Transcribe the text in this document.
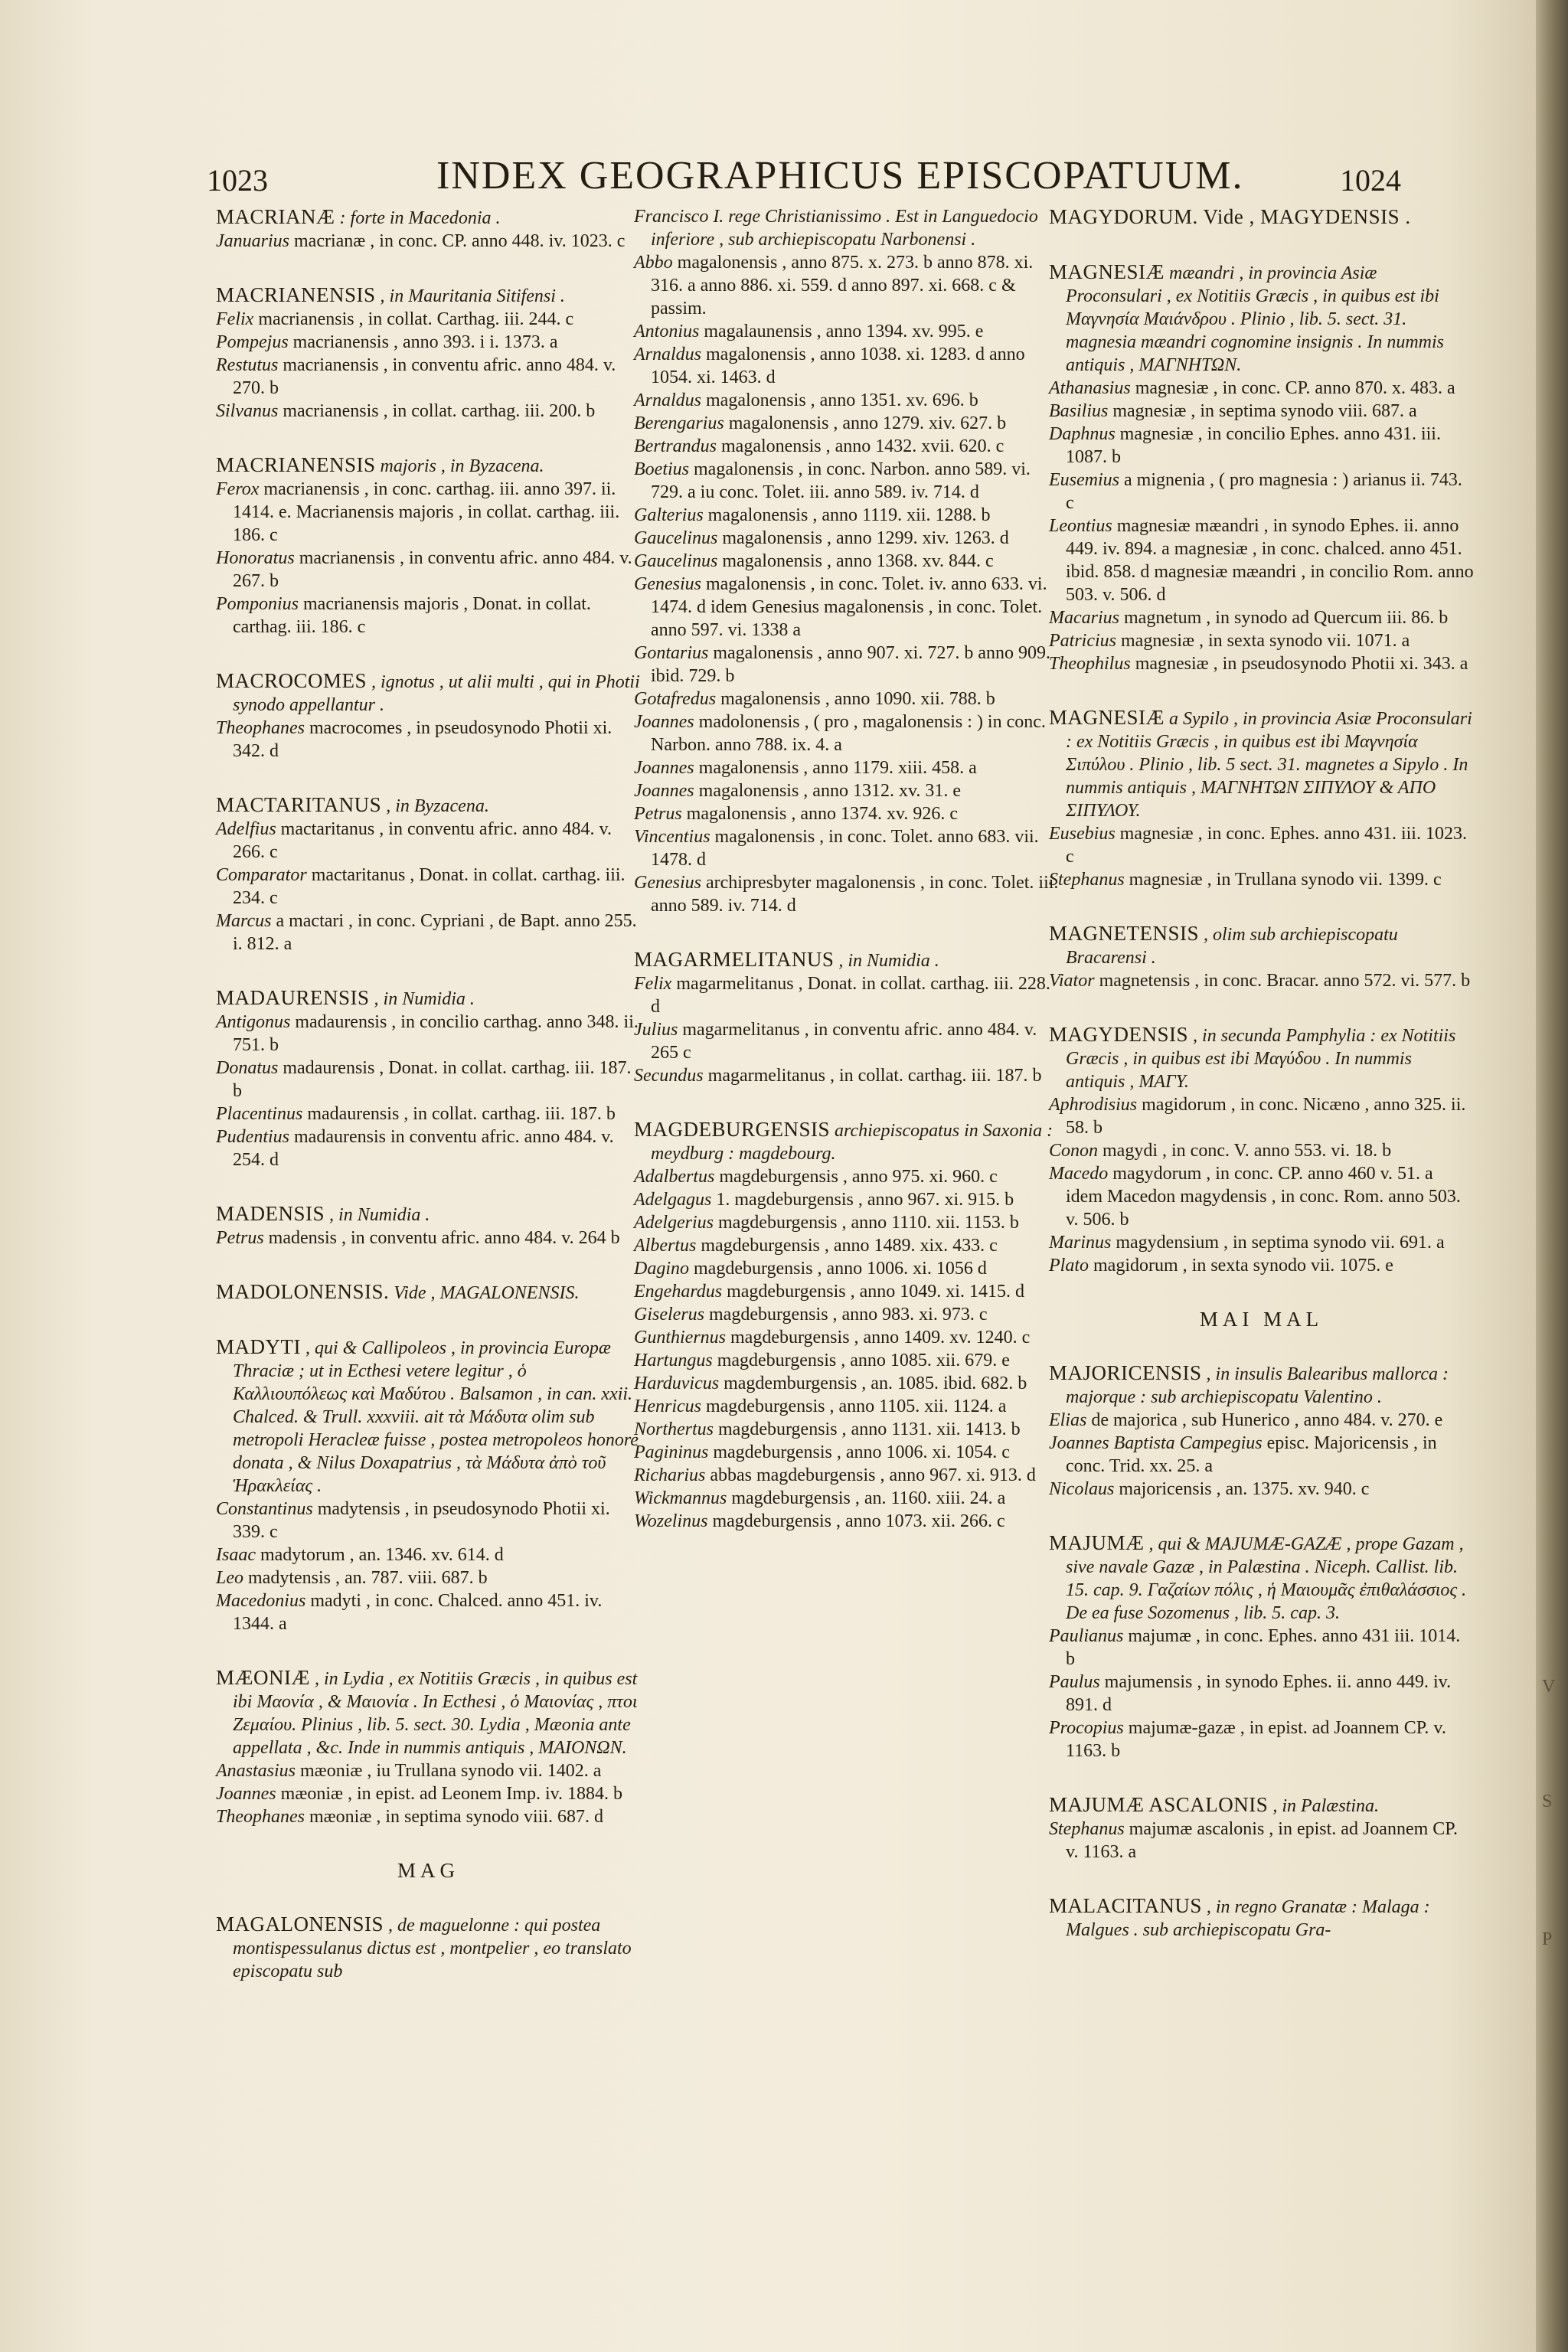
V
S
P
1023	INDEX GEOGRAPHICUS EPISCOPATUUM.	1024
MACRIANÆ : forte in Macedonia .
Januarius macrianæ , in conc. CP. anno 448. iv. 1023. c
MACRIANENSIS , in Mauritania Sitifensi .
Felix macrianensis , in collat. Carthag. iii. 244. c
Pompejus macrianensis , anno 393. i i. 1373. a
Restutus macrianensis , in conventu afric. anno 484. v. 270. b
Silvanus macrianensis , in collat. carthag. iii. 200. b
MACRIANENSIS majoris , in Byzacena.
Ferox macrianensis , in conc. carthag. iii. anno 397. ii. 1414. e. Macrianensis majoris , in collat. carthag. iii. 186. c
Honoratus macrianensis , in conventu afric. anno 484. v. 267. b
Pomponius macrianensis majoris , Donat. in collat. carthag. iii. 186. c
MACROCOMES , ignotus , ut alii multi , qui in Photii synodo appellantur .
Theophanes macrocomes , in pseudosynodo Photii xi. 342. d
MACTARITANUS , in Byzacena.
Adelfius mactaritanus , in conventu afric. anno 484. v. 266. c
Comparator mactaritanus , Donat. in collat. carthag. iii. 234. c
Marcus a mactari , in conc. Cypriani , de Bapt. anno 255. i. 812. a
MADAURENSIS , in Numidia .
Antigonus madaurensis , in concilio carthag. anno 348. ii. 751. b
Donatus madaurensis , Donat. in collat. carthag. iii. 187. b
Placentinus madaurensis , in collat. carthag. iii. 187. b
Pudentius madaurensis in conventu afric. anno 484. v. 254. d
MADENSIS , in Numidia .
Petrus madensis , in conventu afric. anno 484. v. 264 b
MADOLONENSIS. Vide , MAGALONENSIS.
MADYTI , qui & Callipoleos , in provincia Europæ Thraciæ ; ut in Ecthesi vetere legitur , ὁ Καλλιουπόλεως καὶ Μαδύτου . Balsamon , in can. xxii. Chalced. & Trull. xxxviii. ait τὰ Μάδυτα olim sub metropoli Heracleæ fuisse , postea metropoleos honore donata , & Nilus Doxapatrius , τὰ Μάδυτα ἀπὸ τοῦ Ἡρακλείας .
Constantinus madytensis , in pseudosynodo Photii xi. 339. c
Isaac madytorum , an. 1346. xv. 614. d
Leo madytensis , an. 787. viii. 687. b
Macedonius madyti , in conc. Chalced. anno 451. iv. 1344. a
MÆONIÆ , in Lydia , ex Notitiis Græcis , in quibus est ibi Μαονία , & Μαιονία . In Ecthesi , ὁ Μαιονίας , πτοι Ζεμαίου. Plinius , lib. 5. sect. 30. Lydia , Mæonia ante appellata , &c. Inde in nummis antiquis , ΜΑΙΟΝΩΝ.
Anastasius mæoniæ , iu Trullana synodo vii. 1402. a
Joannes mæoniæ , in epist. ad Leonem Imp. iv. 1884. b
Theophanes mæoniæ , in septima synodo viii. 687. d
MAG
MAGALONENSIS , de maguelonne : qui postea montispessulanus dictus est , montpelier , eo translato episcopatu sub
Francisco I. rege Christianissimo . Est in Languedocio inferiore , sub archiepiscopatu Narbonensi .
Abbo magalonensis , anno 875. x. 273. b anno 878. xi. 316. a anno 886. xi. 559. d anno 897. xi. 668. c & passim.
Antonius magalaunensis , anno 1394. xv. 995. e
Arnaldus magalonensis , anno 1038. xi. 1283. d anno 1054. xi. 1463. d
Arnaldus magalonensis , anno 1351. xv. 696. b
Berengarius magalonensis , anno 1279. xiv. 627. b
Bertrandus magalonensis , anno 1432. xvii. 620. c
Boetius magalonensis , in conc. Narbon. anno 589. vi. 729. a iu conc. Tolet. iii. anno 589. iv. 714. d
Galterius magalonensis , anno 1119. xii. 1288. b
Gaucelinus magalonensis , anno 1299. xiv. 1263. d
Gaucelinus magalonensis , anno 1368. xv. 844. c
Genesius magalonensis , in conc. Tolet. iv. anno 633. vi. 1474. d idem Genesius magalonensis , in conc. Tolet. anno 597. vi. 1338 a
Gontarius magalonensis , anno 907. xi. 727. b anno 909. ibid. 729. b
Gotafredus magalonensis , anno 1090. xii. 788. b
Joannes madolonensis , ( pro , magalonensis : ) in conc. Narbon. anno 788. ix. 4. a
Joannes magalonensis , anno 1179. xiii. 458. a
Joannes magalonensis , anno 1312. xv. 31. e
Petrus magalonensis , anno 1374. xv. 926. c
Vincentius magalonensis , in conc. Tolet. anno 683. vii. 1478. d
Genesius archipresbyter magalonensis , in conc. Tolet. iii. anno 589. iv. 714. d
MAGARMELITANUS , in Numidia .
Felix magarmelitanus , Donat. in collat. carthag. iii. 228. d
Julius magarmelitanus , in conventu afric. anno 484. v. 265 c
Secundus magarmelitanus , in collat. carthag. iii. 187. b
MAGDEBURGENSIS archiepiscopatus in Saxonia : meydburg : magdebourg.
Adalbertus magdeburgensis , anno 975. xi. 960. c
Adelgagus 1. magdeburgensis , anno 967. xi. 915. b
Adelgerius magdeburgensis , anno 1110. xii. 1153. b
Albertus magdeburgensis , anno 1489. xix. 433. c
Dagino magdeburgensis , anno 1006. xi. 1056 d
Engehardus magdeburgensis , anno 1049. xi. 1415. d
Giselerus magdeburgensis , anno 983. xi. 973. c
Gunthiernus magdeburgensis , anno 1409. xv. 1240. c
Hartungus magdeburgensis , anno 1085. xii. 679. e
Harduvicus magdemburgensis , an. 1085. ibid. 682. b
Henricus magdeburgensis , anno 1105. xii. 1124. a
Northertus magdeburgensis , anno 1131. xii. 1413. b
Pagininus magdeburgensis , anno 1006. xi. 1054. c
Richarius abbas magdeburgensis , anno 967. xi. 913. d
Wickmannus magdeburgensis , an. 1160. xiii. 24. a
Wozelinus magdeburgensis , anno 1073. xii. 266. c
MAGYDORUM. Vide , MAGYDENSIS .
MAGNESIÆ mæandri , in provincia Asiæ Proconsulari , ex Notitiis Græcis , in quibus est ibi Μαγνησία Μαιάνδρου . Plinio , lib. 5. sect. 31. magnesia mæandri cognomine insignis . In nummis antiquis , ΜΑΓΝΗΤΩΝ.
Athanasius magnesiæ , in conc. CP. anno 870. x. 483. a
Basilius magnesiæ , in septima synodo viii. 687. a
Daphnus magnesiæ , in concilio Ephes. anno 431. iii. 1087. b
Eusemius a mignenia , ( pro magnesia : ) arianus ii. 743. c
Leontius magnesiæ mæandri , in synodo Ephes. ii. anno 449. iv. 894. a magnesiæ , in conc. chalced. anno 451. ibid. 858. d magnesiæ mæandri , in concilio Rom. anno 503. v. 506. d
Macarius magnetum , in synodo ad Quercum iii. 86. b
Patricius magnesiæ , in sexta synodo vii. 1071. a
Theophilus magnesiæ , in pseudosynodo Photii xi. 343. a
MAGNESIÆ a Sypilo , in provincia Asiæ Proconsulari : ex Notitiis Græcis , in quibus est ibi Μαγνησία Σιπύλου . Plinio , lib. 5 sect. 31. magnetes a Sipylo . In nummis antiquis , ΜΑΓΝΗΤΩΝ ΣΙΠΥΛΟΥ & ΑΠΟ ΣΙΠΥΛΟΥ.
Eusebius magnesiæ , in conc. Ephes. anno 431. iii. 1023. c
Stephanus magnesiæ , in Trullana synodo vii. 1399. c
MAGNETENSIS , olim sub archiepiscopatu Bracarensi .
Viator magnetensis , in conc. Bracar. anno 572. vi. 577. b
MAGYDENSIS , in secunda Pamphylia : ex Notitiis Græcis , in quibus est ibi Μαγύδου . In nummis antiquis , ΜΑΓΥ.
Aphrodisius magidorum , in conc. Nicæno , anno 325. ii. 58. b
Conon magydi , in conc. V. anno 553. vi. 18. b
Macedo magydorum , in conc. CP. anno 460 v. 51. a idem Macedon magydensis , in conc. Rom. anno 503. v. 506. b
Marinus magydensium , in septima synodo vii. 691. a
Plato magidorum , in sexta synodo vii. 1075. e
MAI MAL
MAJORICENSIS , in insulis Balearibus mallorca : majorque : sub archiepiscopatu Valentino .
Elias de majorica , sub Hunerico , anno 484. v. 270. e
Joannes Baptista Campegius episc. Majoricensis , in conc. Trid. xx. 25. a
Nicolaus majoricensis , an. 1375. xv. 940. c
MAJUMÆ , qui & MAJUMÆ-GAZÆ , prope Gazam , sive navale Gazæ , in Palæstina . Niceph. Callist. lib. 15. cap. 9. Γαζαίων πόλις , ἡ Μαιουμᾶς ἐπιθαλάσσιος . De ea fuse Sozomenus , lib. 5. cap. 3.
Paulianus majumæ , in conc. Ephes. anno 431 iii. 1014. b
Paulus majumensis , in synodo Ephes. ii. anno 449. iv. 891. d
Procopius majumæ-gazæ , in epist. ad Joannem CP. v. 1163. b
MAJUMÆ ASCALONIS , in Palæstina.
Stephanus majumæ ascalonis , in epist. ad Joannem CP. v. 1163. a
MALACITANUS , in regno Granatæ : Malaga : Malgues . sub archiepiscopatu Gra-
